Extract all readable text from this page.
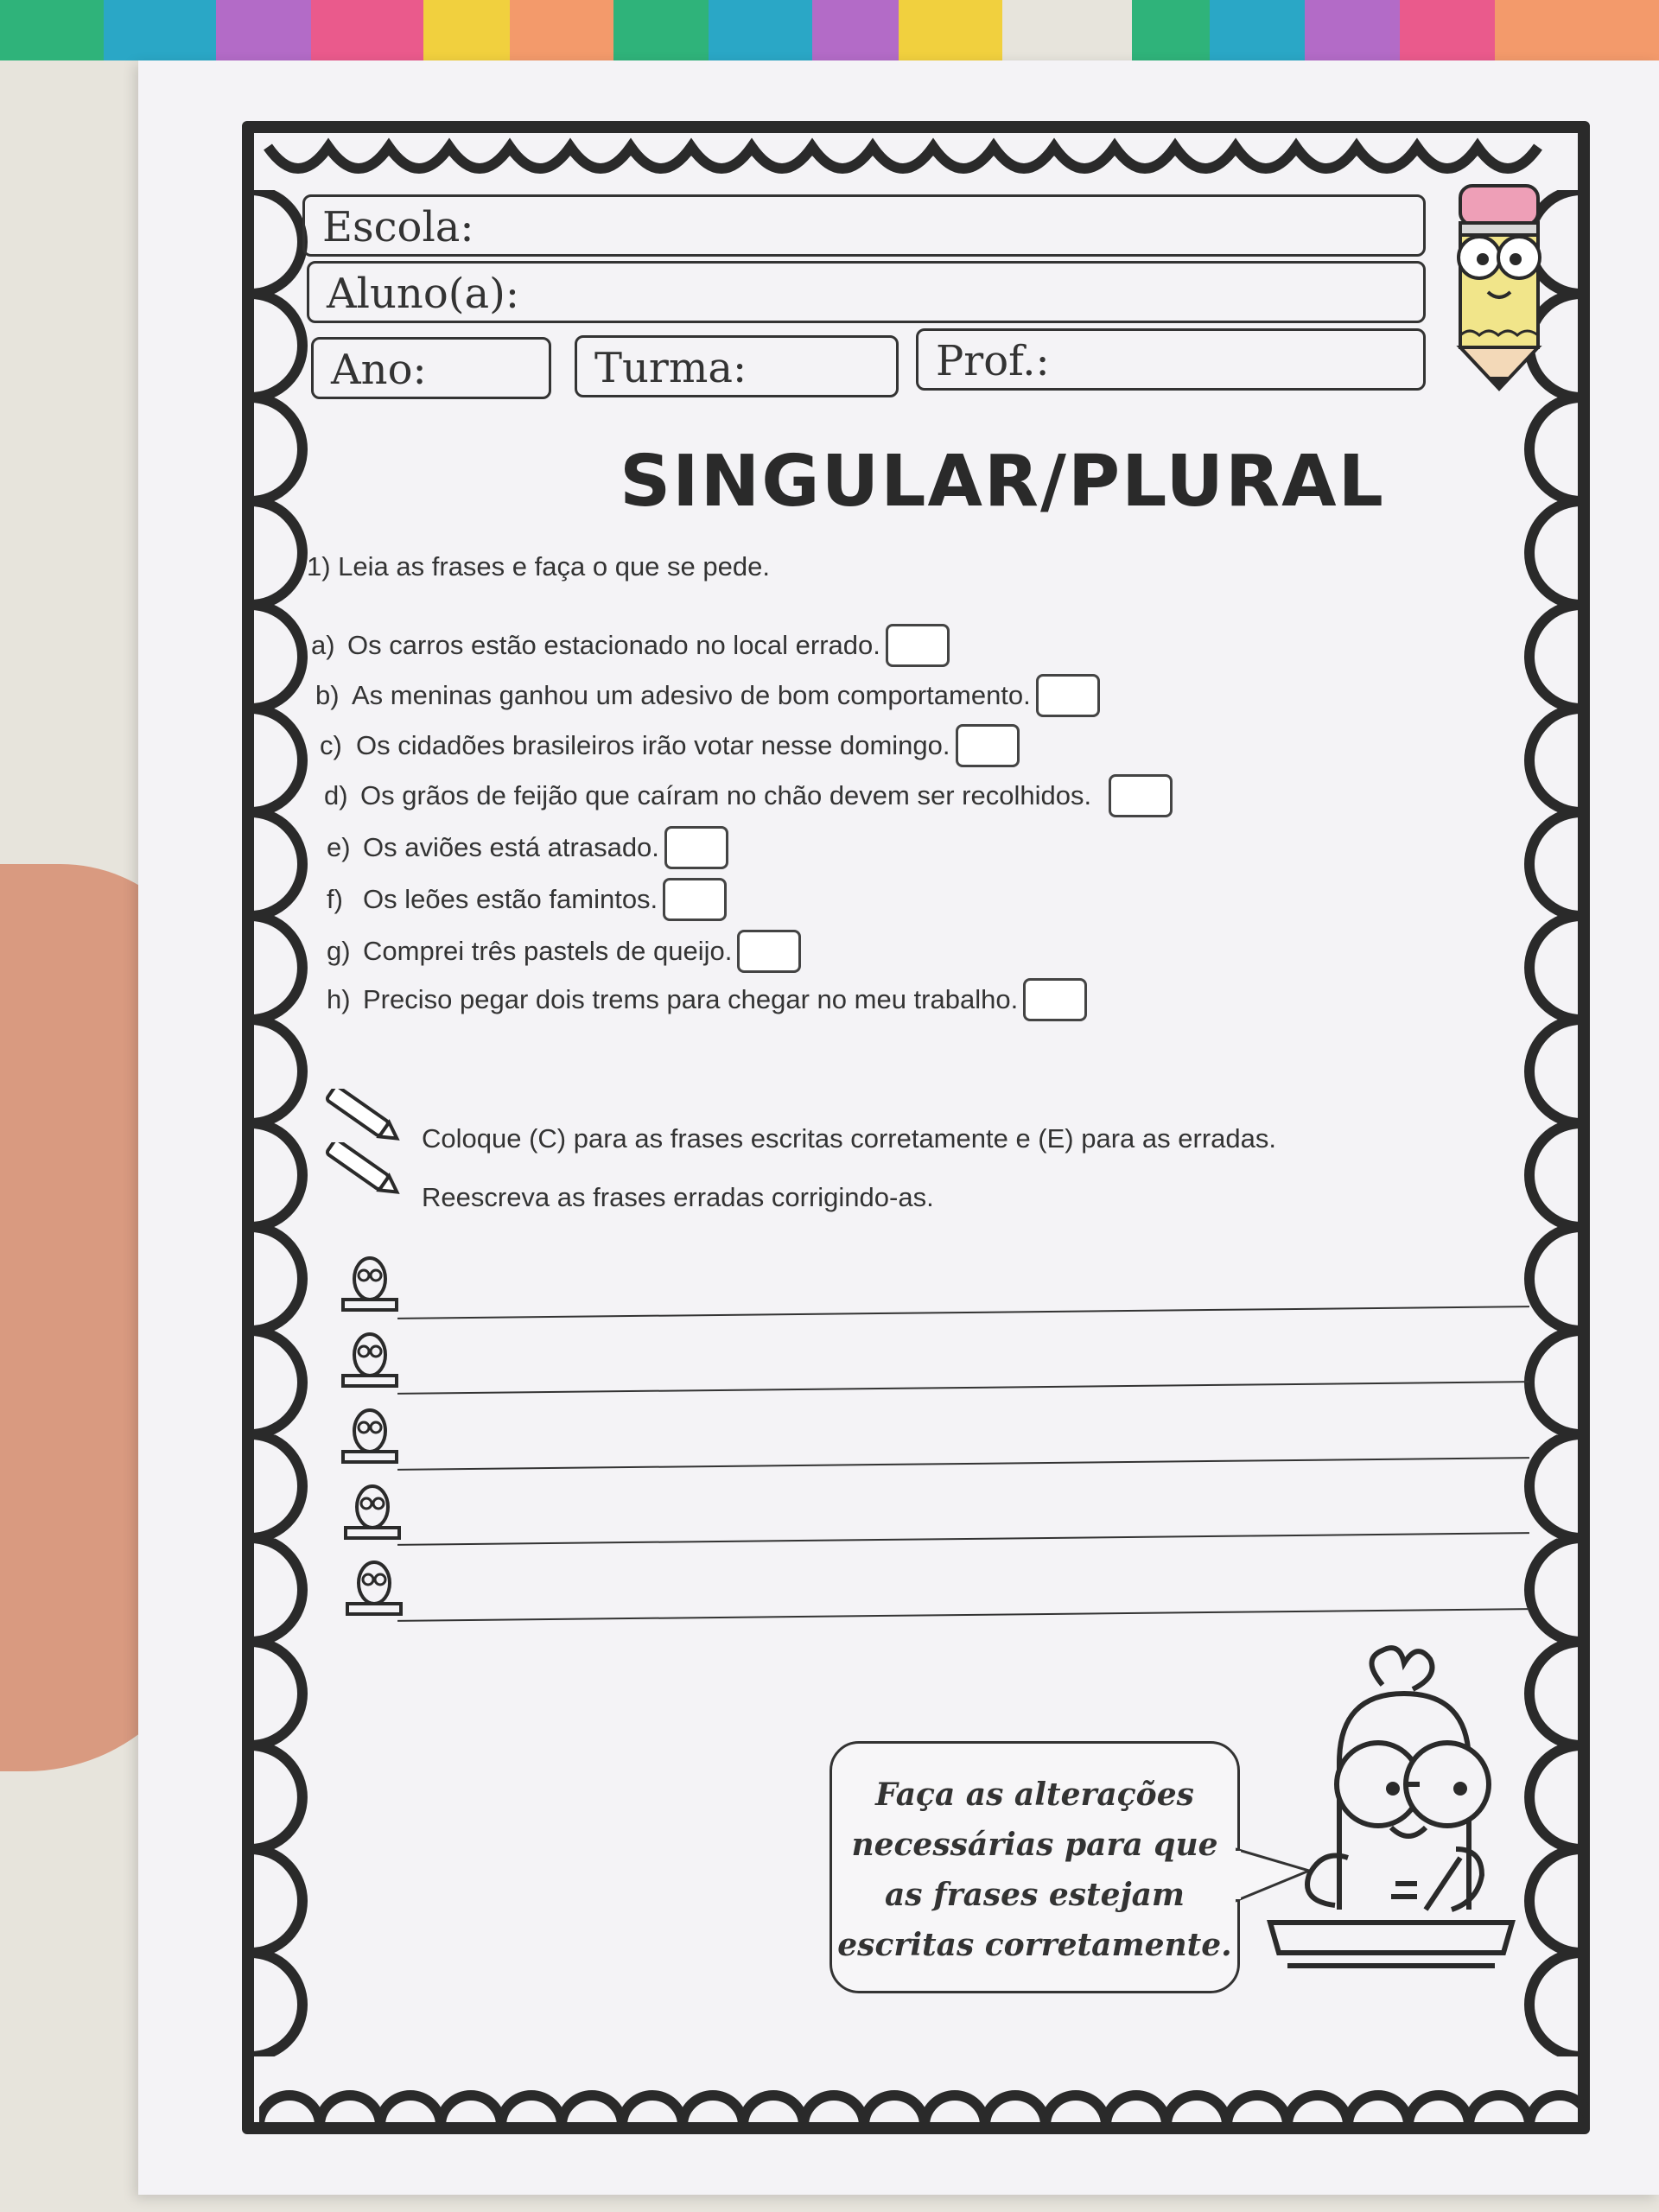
Escola:
Aluno(a):
Ano:	Turma:	Prof.:
SINGULAR/PLURAL
1) Leia as frases e faça o que se pede.
a) Os carros estão estacionado no local errado.
b) As meninas ganhou um adesivo de bom comportamento.
c) Os cidadões brasileiros irão votar nesse domingo.
d) Os grãos de feijão que caíram no chão devem ser recolhidos.
e) Os aviões está atrasado.
f) Os leões estão famintos.
g) Comprei três pastels de queijo.
h) Preciso pegar dois trems para chegar no meu trabalho.
Coloque (C) para as frases escritas corretamente e (E) para as erradas.
Reescreva as frases erradas corrigindo-as.
Faça as alterações necessárias para que as frases estejam escritas corretamente.
